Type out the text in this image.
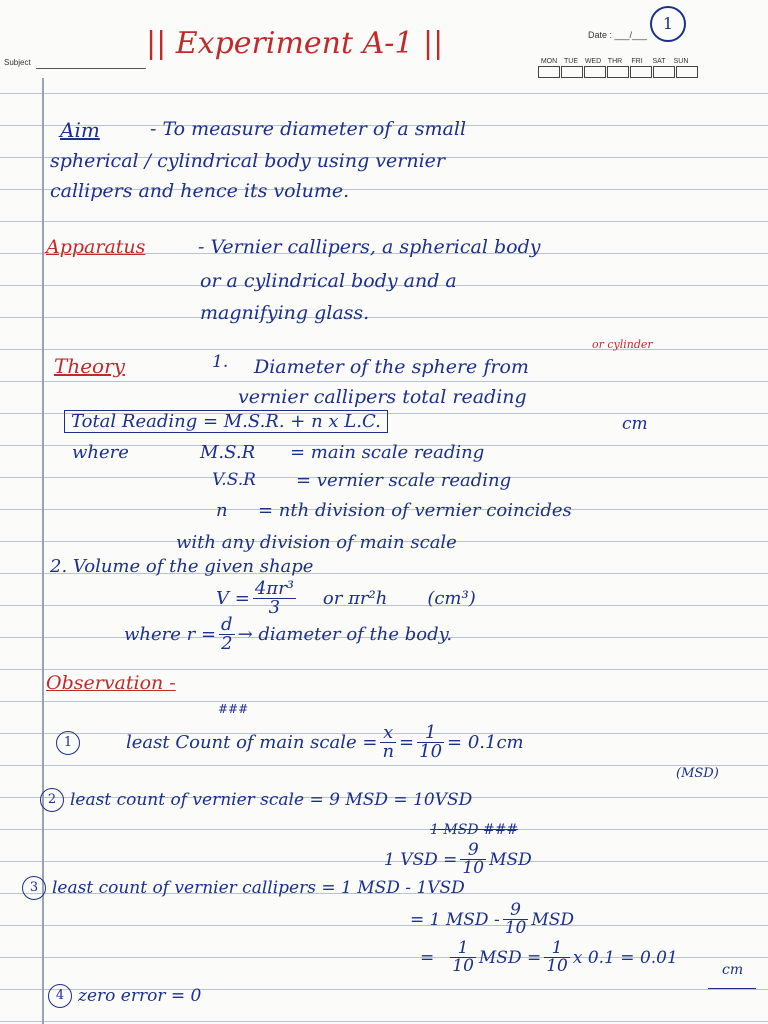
Subject
Date : ___/___
1
MON TUE WED THR	FRI	SAT	SUN
|| Experiment A-1 ||
Aim	- To measure diameter of a small
spherical / cylindrical body using vernier
callipers and hence its volume.
Apparatus	- Vernier callipers, a spherical body
or a cylindrical body and a
magnifying glass.
or cylinder
Theory	1. Diameter of the sphere from
vernier callipers total reading
Total Reading = M.S.R. + n x L.C.	cm
where	M.S.R = main scale reading
V.S.R = vernier scale reading
n = nth division of vernier coincides
with any division of main scale
2. Volume of the given shape
$V = \frac{\text{4πr³}}{3}$ or πr²h (cm³)
where $r = \frac{d}{2}$ → diameter of the body.
Observation -
###
1	least Count of main scale = $\frac{x}{n} = \frac{1}{10} = 0.1cm$
(MSD)
2 least count of vernier scale = 9 MSD = 10VSD
1 MSD ###
1 VSD = $\frac{9}{10}$ MSD
3 least count of vernier callipers = 1 MSD - 1VSD
= 1 MSD - $\frac{9}{10}$ MSD
= $\frac{1}{10}$ MSD = $\frac{1}{10}$ x 0.1 = 0.01
cm
4 zero error = 0
